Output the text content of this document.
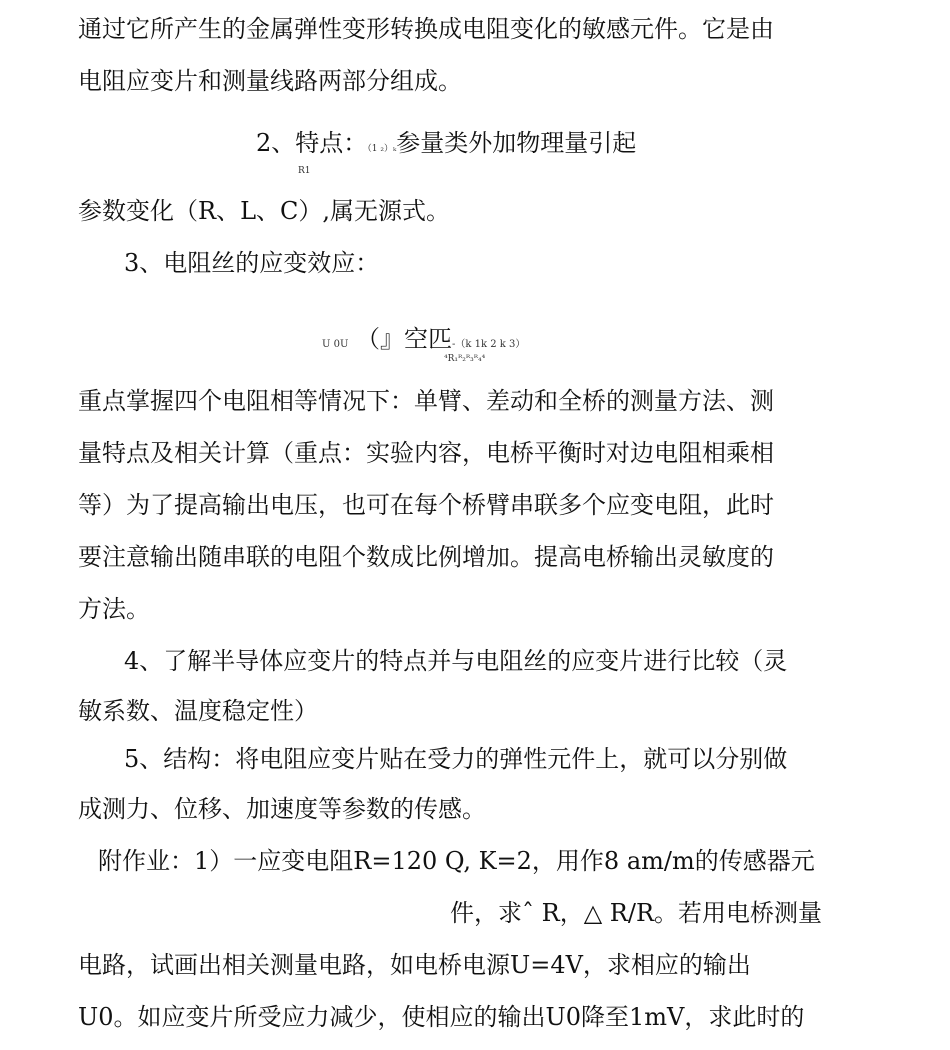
通过它所产生的金属弹性变形转换成电阻变化的敏感元件。它是由
电阻应变片和测量线路两部分组成。
2、特点：（1 ₂）ₖ参量类外加物理量引起
R1
参数变化（R、L、C）,属无源式。
3、电阻丝的应变效应：
U 0U （』空匹-（k 1k 2 k 3）
⁴R₁ᴿ₂ᴿ₃ᴿ₄⁴
重点掌握四个电阻相等情况下：单臂、差动和全桥的测量方法、测
量特点及相关计算（重点：实验内容，电桥平衡时对边电阻相乘相
等）为了提高输出电压，也可在每个桥臂串联多个应变电阻，此时
要注意输出随串联的电阻个数成比例增加。提高电桥输出灵敏度的
方法。
4、了解半导体应变片的特点并与电阻丝的应变片进行比较（灵
敏系数、温度稳定性）
5、结构：将电阻应变片贴在受力的弹性元件上，就可以分别做
成测力、位移、加速度等参数的传感。
附作业：1）一应变电阻R=120 Q, K=2，用作8 am/m的传感器元
件，求ˆ R，△ R/R。若用电桥测量
电路，试画出相关测量电路，如电桥电源U=4V，求相应的输出
U0。如应变片所受应力减少，使相应的输出U0降至1mV，求此时的
